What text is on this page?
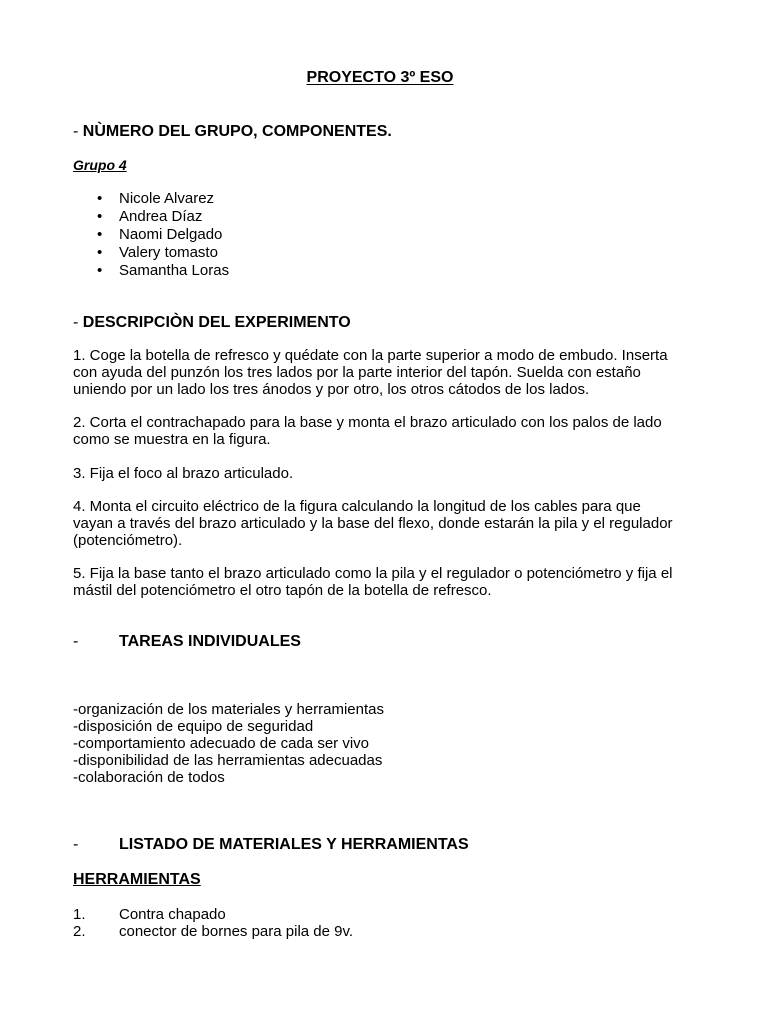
PROYECTO 3º ESO
- NÙMERO DEL GRUPO, COMPONENTES.
Grupo 4
• Nicole Alvarez
• Andrea Díaz
• Naomi Delgado
• Valery tomasto
• Samantha Loras
- DESCRIPCIÒN DEL EXPERIMENTO
1. Coge la botella de refresco y quédate con la parte superior a modo de embudo. Inserta
con ayuda del punzón los tres lados por la parte interior del tapón. Suelda con estaño
uniendo por un lado los tres ánodos y por otro, los otros cátodos de los lados.
2. Corta el contrachapado para la base y monta el brazo articulado con los palos de lado
como se muestra en la figura.
3. Fija el foco al brazo articulado.
4. Monta el circuito eléctrico de la figura calculando la longitud de los cables para que
vayan a través del brazo articulado y la base del flexo, donde estarán la pila y el regulador
(potenciómetro).
5. Fija la base tanto el brazo articulado como la pila y el regulador o potenciómetro y fija el
mástil del potenciómetro el otro tapón de la botella de refresco.
-	TAREAS INDIVIDUALES
-organización de los materiales y herramientas
-disposición de equipo de seguridad
-comportamiento adecuado de cada ser vivo
-disponibilidad de las herramientas adecuadas
-colaboración de todos
-	LISTADO DE MATERIALES Y HERRAMIENTAS
HERRAMIENTAS
1. Contra chapado
2. conector de bornes para pila de 9v.
